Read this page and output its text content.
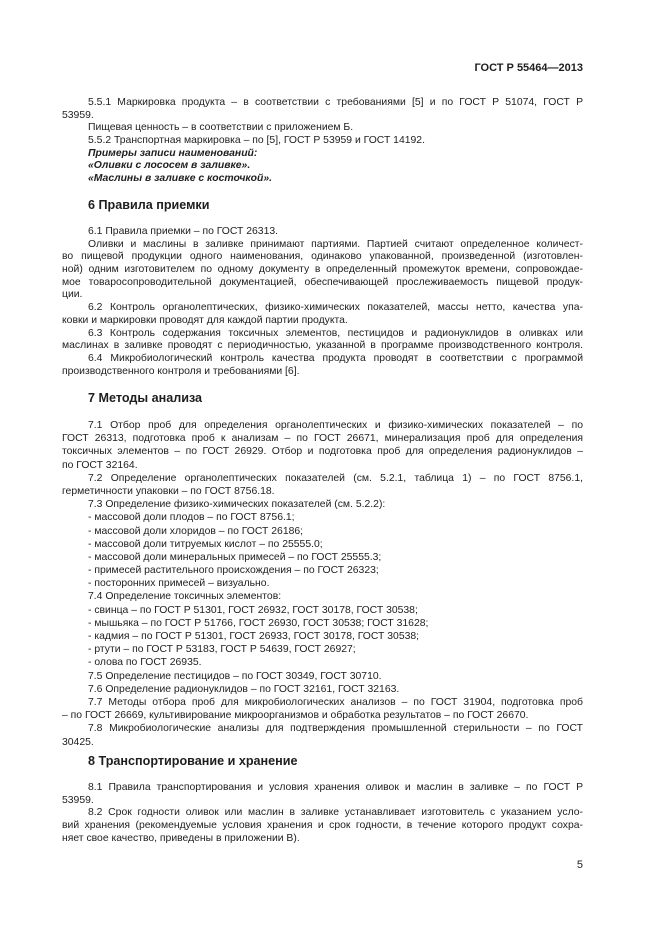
ГОСТ Р 55464—2013
5.5.1 Маркировка продукта – в соответствии с требованиями [5] и по ГОСТ Р 51074, ГОСТ Р
53959.
Пищевая ценность – в соответствии с приложением Б.
5.5.2 Транспортная маркировка – по [5], ГОСТ Р 53959 и ГОСТ 14192.
Примеры записи наименований:
«Оливки с лососем в заливке».
«Маслины в заливке с косточкой».
6 Правила приемки
6.1 Правила приемки – по ГОСТ 26313.
Оливки и маслины в заливке принимают партиями. Партией считают определенное количест-
во пищевой продукции одного наименования, одинаково упакованной, произведенной (изготовлен-
ной) одним изготовителем по одному документу в определенный промежуток времени, сопровождае-
мое товаросопроводительной документацией, обеспечивающей прослеживаемость пищевой продук-
ции.
6.2 Контроль органолептических, физико-химических показателей, массы нетто, качества упа-
ковки и маркировки проводят для каждой партии продукта.
6.3 Контроль содержания токсичных элементов, пестицидов и радионуклидов в оливках или
маслинах в заливке проводят с периодичностью, указанной в программе производственного контроля.
6.4 Микробиологический контроль качества продукта проводят в соответствии с программой
производственного контроля и требованиями [6].
7 Методы анализа
7.1 Отбор проб для определения органолептических и физико-химических показателей – по
ГОСТ 26313, подготовка проб к анализам – по ГОСТ 26671, минерализация проб для определения
токсичных элементов – по ГОСТ 26929. Отбор и подготовка проб для определения радионуклидов –
по ГОСТ 32164.
7.2 Определение органолептических показателей (см. 5.2.1, таблица 1) – по ГОСТ 8756.1,
герметичности упаковки – по ГОСТ 8756.18.
7.3 Определение физико-химических показателей (см. 5.2.2):
- массовой доли плодов – по ГОСТ 8756.1;
- массовой доли хлоридов – по ГОСТ 26186;
- массовой доли титруемых кислот – по 25555.0;
- массовой доли минеральных примесей – по ГОСТ 25555.3;
- примесей растительного происхождения – по ГОСТ 26323;
- посторонних примесей – визуально.
7.4 Определение токсичных элементов:
- свинца – по ГОСТ Р 51301, ГОСТ 26932, ГОСТ 30178, ГОСТ 30538;
- мышьяка – по ГОСТ Р 51766, ГОСТ 26930, ГОСТ 30538; ГОСТ 31628;
- кадмия – по ГОСТ Р 51301, ГОСТ 26933, ГОСТ 30178, ГОСТ 30538;
- ртути – по ГОСТ Р 53183, ГОСТ Р 54639, ГОСТ 26927;
- олова по ГОСТ 26935.
7.5 Определение пестицидов – по ГОСТ 30349, ГОСТ 30710.
7.6 Определение радионуклидов – по ГОСТ 32161, ГОСТ 32163.
7.7 Методы отбора проб для микробиологических анализов – по ГОСТ 31904, подготовка проб
– по ГОСТ 26669, культивирование микроорганизмов и обработка результатов – по ГОСТ 26670.
7.8 Микробиологические анализы для подтверждения промышленной стерильности – по ГОСТ
30425.
8 Транспортирование и хранение
8.1 Правила транспортирования и условия хранения оливок и маслин в заливке – по ГОСТ Р
53959.
8.2 Срок годности оливок или маслин в заливке устанавливает изготовитель с указанием усло-
вий хранения (рекомендуемые условия хранения и срок годности, в течение которого продукт сохра-
няет свое качество, приведены в приложении В).
5
